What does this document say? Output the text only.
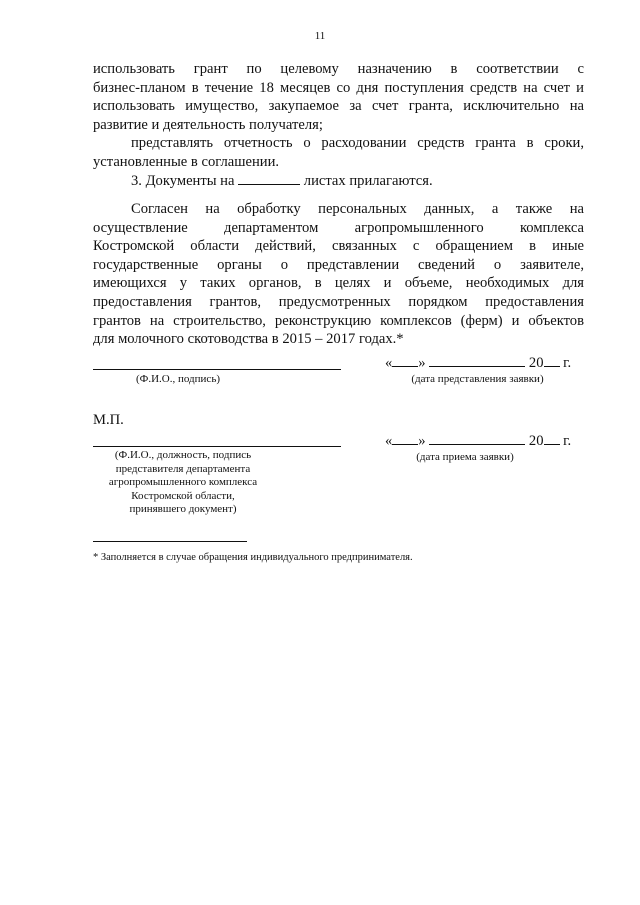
11

использовать грант по целевому назначению в соответствии с

бизнес-планом в течение 18 месяцев со дня поступления средств на счет и

использовать имущество, закупаемое за счет гранта, исключительно на

развитие и деятельность получателя;

представлять отчетность о расходовании средств гранта в сроки,

установленные в соглашении.

3. Документы на	листах прилагаются.

Согласен на обработку персональных данных, а также на

осуществление департаментом агропромышленного комплекса

Костромской области действий, связанных с обращением в иные

государственные органы о представлении сведений о заявителе,

имеющихся у таких органов, в целях и объеме, необходимых для

предоставления грантов, предусмотренных порядком предоставления

грантов на строительство, реконструкцию комплексов (ферм) и объектов

для молочного скотоводства в 2015 – 2017 годах.*

(Ф.И.О., подпись)
« »	20 г.
(дата представления заявки)
М.П.
(Ф.И.О., должность, подпись
представителя департамента
агропромышленного комплекса
Костромской области,
принявшего документ)
« »	20 г.
(дата приема заявки)
* Заполняется в случае обращения индивидуального предпринимателя.
